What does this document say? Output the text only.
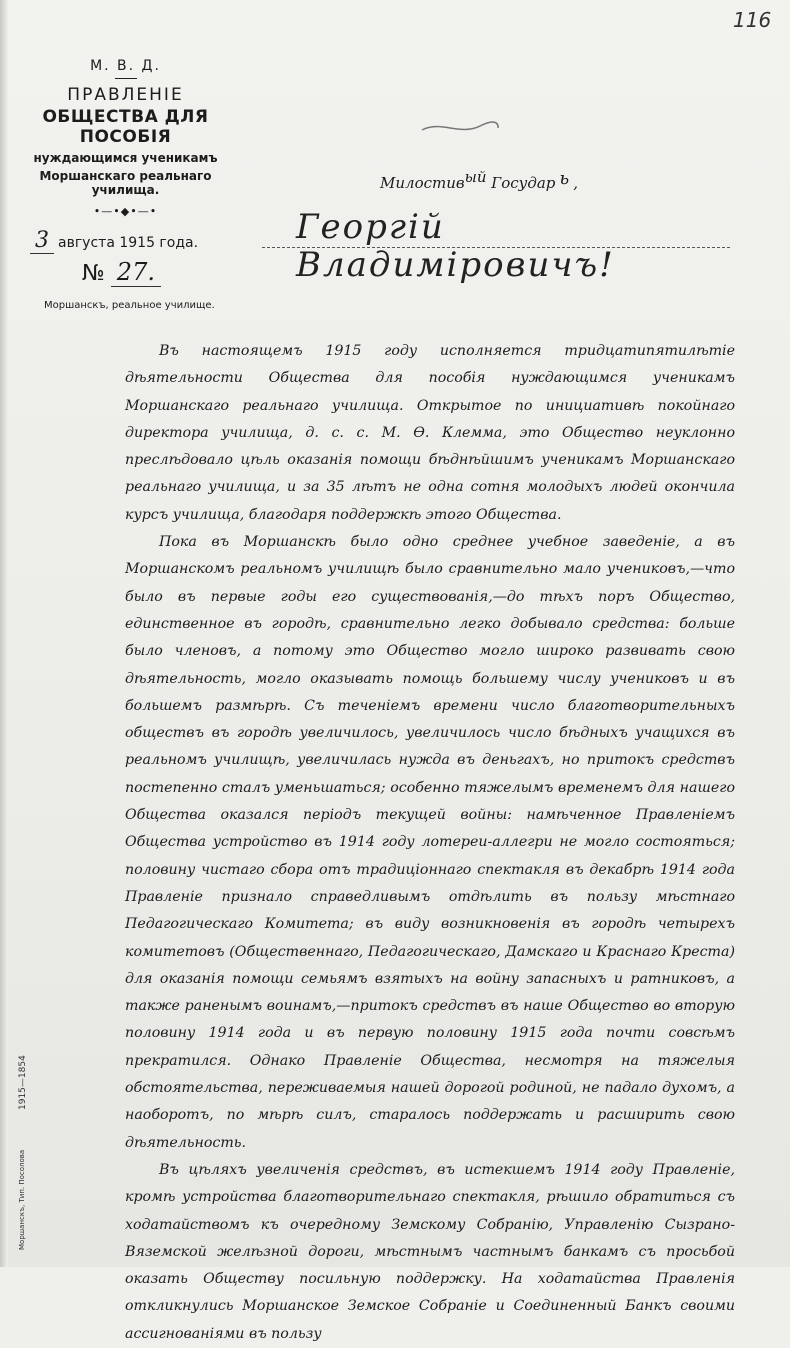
116
М. В. Д.
ПРАВЛЕНІЕ
ОБЩЕСТВА ДЛЯ ПОСОБІЯ
нуждающимся ученикамъ
Моршанскаго реальнаго училища.
•—•◆•—•
3 августа 1915 года.
№ 27.
Моршанскъ, реальное училище.
Милостивый Государ ь ,
Георгій Владиміровичъ!

Въ настоящемъ 1915 году исполняется тридцатипятилѣтіе дѣятельности Общества для пособія нуждающимся ученикамъ Моршанскаго реальнаго училища. Открытое по инициативѣ покойнаго директора училища, д. с. с. М. Ѳ. Клемма, это Общество неуклонно преслѣдовало цѣль оказанія помощи бѣднѣйшимъ ученикамъ Моршанскаго реальнаго училища, и за 35 лѣтъ не одна сотня молодыхъ людей окончила курсъ училища, благодаря поддержкѣ этого Общества.

Пока въ Моршанскѣ было одно среднее учебное заведеніе, а въ Моршанскомъ реальномъ училищѣ было сравнительно мало учениковъ,—что было въ первые годы его существованія,—до тѣхъ поръ Общество, единственное въ городѣ, сравнительно легко добывало средства: больше было членовъ, а потому это Общество могло широко развивать свою дѣятельность, могло оказывать помощь большему числу учениковъ и въ большемъ размѣрѣ. Съ теченіемъ времени число благотворительныхъ обществъ въ городѣ увеличилось, увеличилось число бѣдныхъ учащихся въ реальномъ училищѣ, увеличилась нужда въ деньгахъ, но притокъ средствъ постепенно сталъ уменьшаться; особенно тяжелымъ временемъ для нашего Общества оказался періодъ текущей войны: намѣченное Правленіемъ Общества устройство въ 1914 году лотереи-аллегри не могло состояться; половину чистаго сбора отъ традиціоннаго спектакля въ декабрѣ 1914 года Правленіе признало справедливымъ отдѣлить въ пользу мѣстнаго Педагогическаго Комитета; въ виду возникновенія въ городѣ четырехъ комитетовъ (Общественнаго, Педагогическаго, Дамскаго и Краснаго Креста) для оказанія помощи семьямъ взятыхъ на войну запасныхъ и ратниковъ, а также раненымъ воинамъ,—притокъ средствъ въ наше Общество во вторую половину 1914 года и въ первую половину 1915 года почти совсѣмъ прекратился. Однако Правленіе Общества, несмотря на тяжелыя обстоятельства, переживаемыя нашей дорогой родиной, не падало духомъ, а наоборотъ, по мѣрѣ силъ, старалось поддержать и расширить свою дѣятельность.

Въ цѣляхъ увеличенія средствъ, въ истекшемъ 1914 году Правленіе, кромѣ устройства благотворительнаго спектакля, рѣшило обратиться съ ходатайствомъ къ очередному Земскому Собранію, Управленію Сызрано-Вяземской желѣзной дороги, мѣстнымъ частнымъ банкамъ съ просьбой оказать Обществу посильную поддержку. На ходатайства Правленія откликнулись Моршанское Земское Собраніе и Соединенный Банкъ своими ассигнованіями въ пользу

1915—1854
Моршанскъ, Тип. Посолова
